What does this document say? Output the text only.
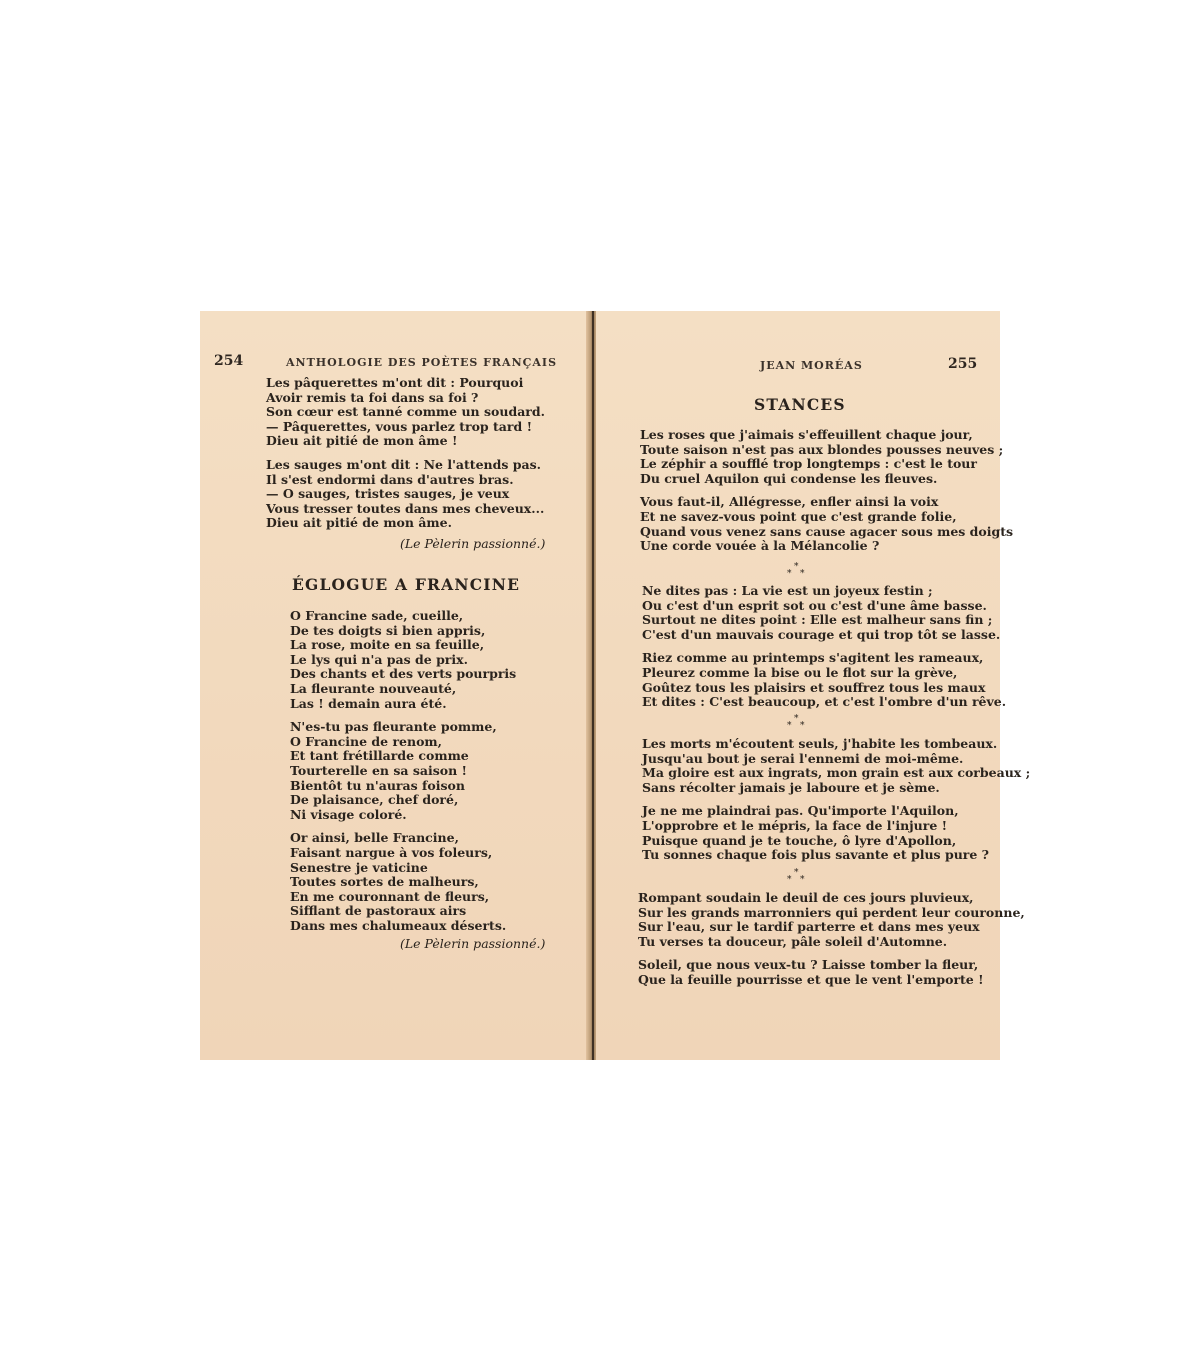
254	ANTHOLOGIE DES POÈTES FRANÇAIS
Les pâquerettes m'ont dit : Pourquoi
Avoir remis ta foi dans sa foi ?
Son cœur est tanné comme un soudard.
— Pâquerettes, vous parlez trop tard !
Dieu ait pitié de mon âme !
Les sauges m'ont dit : Ne l'attends pas.
Il s'est endormi dans d'autres bras.
— O sauges, tristes sauges, je veux
Vous tresser toutes dans mes cheveux...
Dieu ait pitié de mon âme.
(Le Pèlerin passionné.)
ÉGLOGUE A FRANCINE
O Francine sade, cueille,
De tes doigts si bien appris,
La rose, moite en sa feuille,
Le lys qui n'a pas de prix.
Des chants et des verts pourpris
La fleurante nouveauté,
Las ! demain aura été.
N'es-tu pas fleurante pomme,
O Francine de renom,
Et tant frétillarde comme
Tourterelle en sa saison !
Bientôt tu n'auras foison
De plaisance, chef doré,
Ni visage coloré.
Or ainsi, belle Francine,
Faisant nargue à vos foleurs,
Senestre je vaticine
Toutes sortes de malheurs,
En me couronnant de fleurs,
Sifflant de pastoraux airs
Dans mes chalumeaux déserts.
(Le Pèlerin passionné.)
JEAN MORÉAS	255
STANCES
Les roses que j'aimais s'effeuillent chaque jour,
Toute saison n'est pas aux blondes pousses neuves ;
Le zéphir a soufflé trop longtemps : c'est le tour
Du cruel Aquilon qui condense les fleuves.
Vous faut-il, Allégresse, enfler ainsi la voix
Et ne savez-vous point que c'est grande folie,
Quand vous venez sans cause agacer sous mes doigts
Une corde vouée à la Mélancolie ?
*
* *
Ne dites pas : La vie est un joyeux festin ;
Ou c'est d'un esprit sot ou c'est d'une âme basse.
Surtout ne dites point : Elle est malheur sans fin ;
C'est d'un mauvais courage et qui trop tôt se lasse.
Riez comme au printemps s'agitent les rameaux,
Pleurez comme la bise ou le flot sur la grève,
Goûtez tous les plaisirs et souffrez tous les maux
Et dites : C'est beaucoup, et c'est l'ombre d'un rêve.
*
* *
Les morts m'écoutent seuls, j'habite les tombeaux.
Jusqu'au bout je serai l'ennemi de moi-même.
Ma gloire est aux ingrats, mon grain est aux corbeaux ;
Sans récolter jamais je laboure et je sème.
Je ne me plaindrai pas. Qu'importe l'Aquilon,
L'opprobre et le mépris, la face de l'injure !
Puisque quand je te touche, ô lyre d'Apollon,
Tu sonnes chaque fois plus savante et plus pure ?
*
* *
Rompant soudain le deuil de ces jours pluvieux,
Sur les grands marronniers qui perdent leur couronne,
Sur l'eau, sur le tardif parterre et dans mes yeux
Tu verses ta douceur, pâle soleil d'Automne.
Soleil, que nous veux-tu ? Laisse tomber la fleur,
Que la feuille pourrisse et que le vent l'emporte !
